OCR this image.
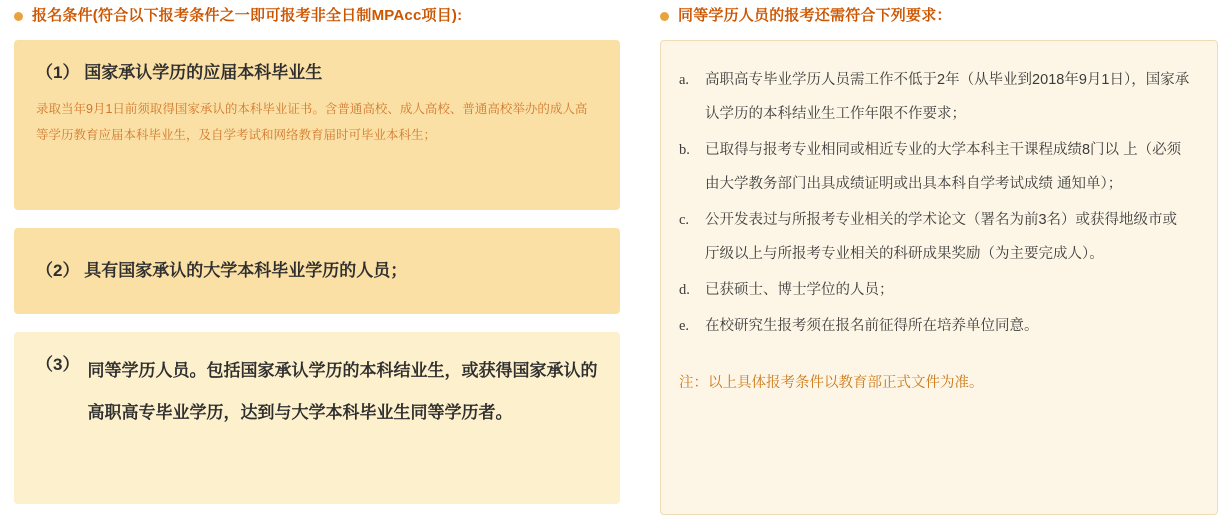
报名条件(符合以下报考条件之一即可报考非全日制MPAcc项目):
（1） 国家承认学历的应届本科毕业生
录取当年9月1日前须取得国家承认的本科毕业证书。含普通高校、成人高校、普通高校举办的成人高等学历教育应届本科毕业生，及自学考试和网络教育届时可毕业本科生；
（2） 具有国家承认的大学本科毕业学历的人员；
（3） 同等学历人员。包括国家承认学历的本科结业生，或获得国家承认的高职高专毕业学历，达到与大学本科毕业生同等学历者。
同等学历人员的报考还需符合下列要求：
a.	高职高专毕业学历人员需工作不低于2年（从毕业到2018年9月1日），国家承认学历的本科结业生工作年限不作要求；
b.	已取得与报考专业相同或相近专业的大学本科主干课程成绩8门以 上（必须由大学教务部门出具成绩证明或出具本科自学考试成绩 通知单）；
c.	公开发表过与所报考专业相关的学术论文（署名为前3名）或获得地级市或厅级以上与所报考专业相关的科研成果奖励（为主要完成人）。
d.	已获硕士、博士学位的人员；
e.	在校研究生报考须在报名前征得所在培养单位同意。
注：以上具体报考条件以教育部正式文件为准。
